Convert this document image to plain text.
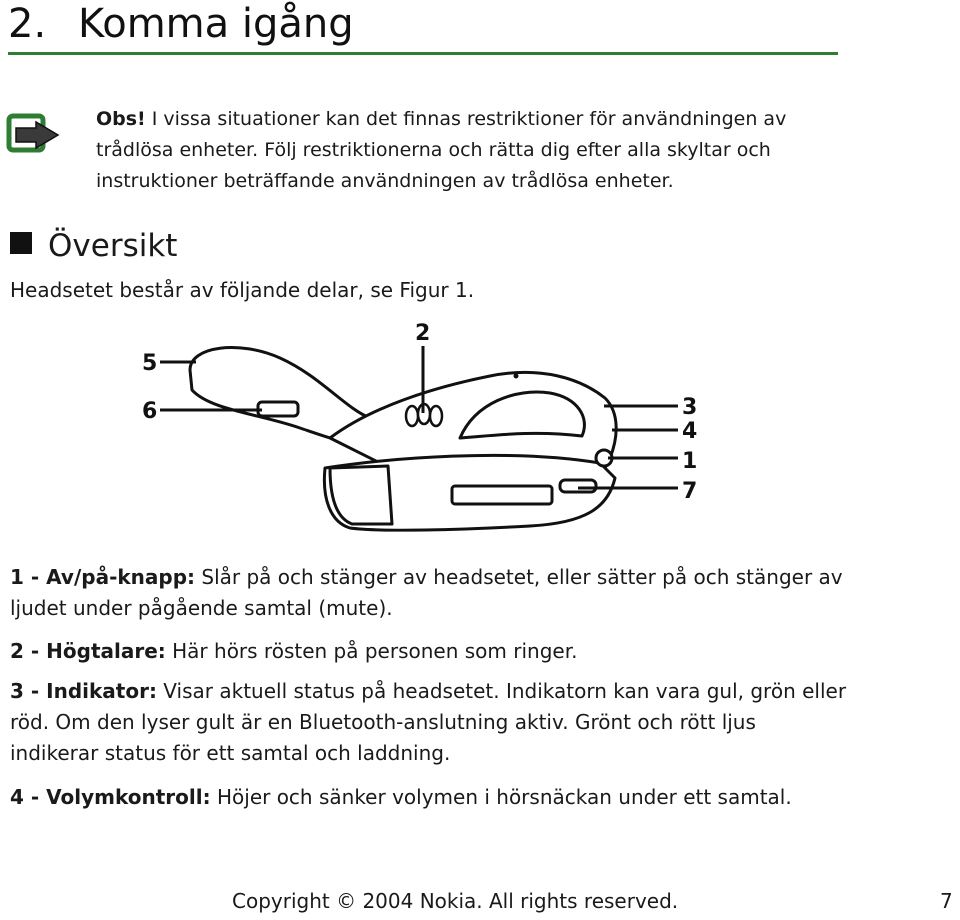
2. Komma igång
Obs! I vissa situationer kan det finnas restriktioner för användningen av trådlösa enheter. Följ restriktionerna och rätta dig efter alla skyltar och instruktioner beträffande användningen av trådlösa enheter.
Översikt
Headsetet består av följande delar, se Figur 1.
5
6
2
3
4
1
7
1 - Av/på-knapp: Slår på och stänger av headsetet, eller sätter på och stänger av ljudet under pågående samtal (mute).
2 - Högtalare: Här hörs rösten på personen som ringer.
3 - Indikator: Visar aktuell status på headsetet. Indikatorn kan vara gul, grön eller röd. Om den lyser gult är en Bluetooth-anslutning aktiv. Grönt och rött ljus indikerar status för ett samtal och laddning.
4 - Volymkontroll: Höjer och sänker volymen i hörsnäckan under ett samtal.
Copyright © 2004 Nokia. All rights reserved.	7
